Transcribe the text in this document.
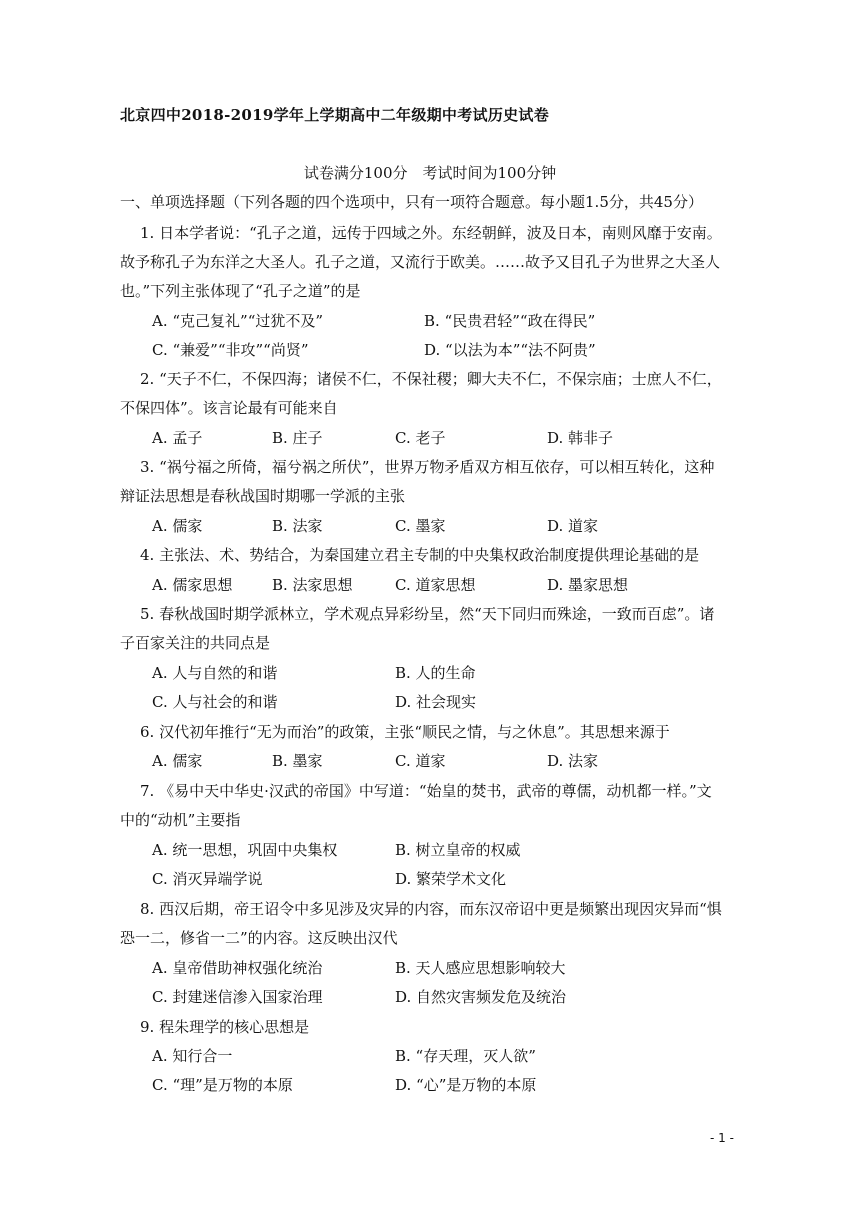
北京四中2018-2019学年上学期高中二年级期中考试历史试卷
试卷满分100分　考试时间为100分钟
一、单项选择题（下列各题的四个选项中，只有一项符合题意。每小题1.5分，共45分）
1. 日本学者说：“孔子之道，远传于四域之外。东经朝鲜，波及日本，南则风靡于安南。
故予称孔子为东洋之大圣人。孔子之道，又流行于欧美。……故予又目孔子为世界之大圣人
也。”下列主张体现了“孔子之道”的是
A. “克己复礼”“过犹不及”	B. “民贵君轻”“政在得民”
C. “兼爱”“非攻”“尚贤”	D. “以法为本”“法不阿贵”
2. “天子不仁，不保四海；诸侯不仁，不保社稷；卿大夫不仁，不保宗庙；士庶人不仁，
不保四体”。该言论最有可能来自
A. 孟子	B. 庄子	C. 老子	D. 韩非子
3. “祸兮福之所倚，福兮祸之所伏”，世界万物矛盾双方相互依存，可以相互转化，这种
辩证法思想是春秋战国时期哪一学派的主张
A. 儒家	B. 法家	C. 墨家	D. 道家
4. 主张法、术、势结合，为秦国建立君主专制的中央集权政治制度提供理论基础的是
A. 儒家思想	B. 法家思想	C. 道家思想	D. 墨家思想
5. 春秋战国时期学派林立，学术观点异彩纷呈，然“天下同归而殊途，一致而百虑”。诸
子百家关注的共同点是
A. 人与自然的和谐	B. 人的生命
C. 人与社会的和谐	D. 社会现实
6. 汉代初年推行“无为而治”的政策，主张“顺民之情，与之休息”。其思想来源于
A. 儒家	B. 墨家	C. 道家	D. 法家
7. 《易中天中华史·汉武的帝国》中写道：“始皇的焚书，武帝的尊儒，动机都一样。”文
中的“动机”主要指
A. 统一思想，巩固中央集权	B. 树立皇帝的权威
C. 消灭异端学说	D. 繁荣学术文化
8. 西汉后期，帝王诏令中多见涉及灾异的内容，而东汉帝诏中更是频繁出现因灾异而“惧
恐一二，修省一二”的内容。这反映出汉代
A. 皇帝借助神权强化统治	B. 天人感应思想影响较大
C. 封建迷信渗入国家治理	D. 自然灾害频发危及统治
9. 程朱理学的核心思想是
A. 知行合一	B. “存天理，灭人欲”
C. “理”是万物的本原	D. “心”是万物的本原
- 1 -
